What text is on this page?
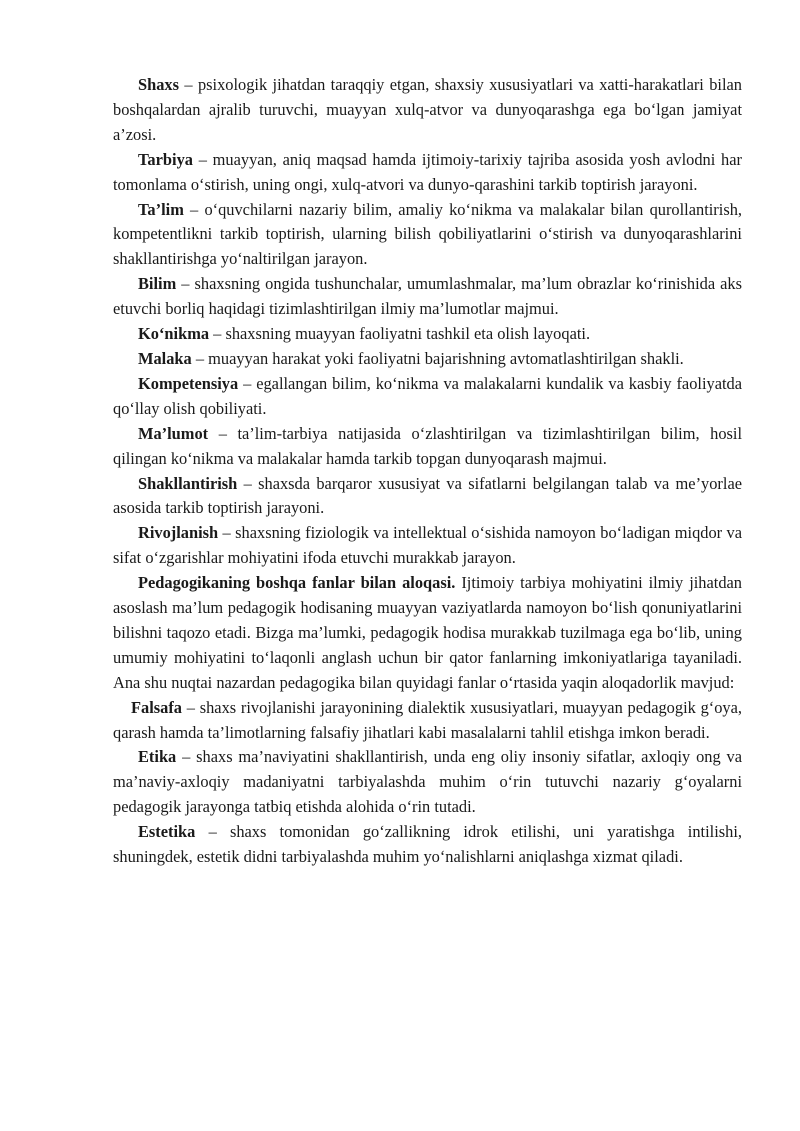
Shaxs – psixologik jihatdan taraqqiy etgan, shaxsiy xususiyatlari va xatti-harakatlari bilan boshqalardan ajralib turuvchi, muayyan xulq-atvor va dunyoqarashga ega bo‘lgan jamiyat a’zosi.

Tarbiya – muayyan, aniq maqsad hamda ijtimoiy-tarixiy tajriba asosida yosh avlodni har tomonlama o‘stirish, uning ongi, xulq-atvori va dunyo-qarashini tarkib toptirish jarayoni.

Ta’lim – o‘quvchilarni nazariy bilim, amaliy ko‘nikma va malakalar bilan qurollantirish, kompetentlikni tarkib toptirish, ularning bilish qobiliyatlarini o‘stirish va dunyoqarashlarini shakllantirishga yo‘naltirilgan jarayon.

Bilim – shaxsning ongida tushunchalar, umumlashmalar, ma’lum obrazlar ko‘rinishida aks etuvchi borliq haqidagi tizimlashtirilgan ilmiy ma’lumotlar majmui.

Ko‘nikma – shaxsning muayyan faoliyatni tashkil eta olish layoqati.

Malaka – muayyan harakat yoki faoliyatni bajarishning avtomatlashtirilgan shakli.

Kompetensiya – egallangan bilim, ko‘nikma va malakalarni kundalik va kasbiy faoliyatda qo‘llay olish qobiliyati.

Ma’lumot – ta’lim-tarbiya natijasida o‘zlashtirilgan va tizimlashtirilgan bilim, hosil qilingan ko‘nikma va malakalar hamda tarkib topgan dunyoqarash majmui.

Shakllantirish – shaxsda barqaror xususiyat va sifatlarni belgilangan talab va me’yorlae asosida tarkib toptirish jarayoni.

Rivojlanish – shaxsning fiziologik va intellektual o‘sishida namoyon bo‘ladigan miqdor va sifat o‘zgarishlar mohiyatini ifoda etuvchi murakkab jarayon.

Pedagogikaning boshqa fanlar bilan aloqasi. Ijtimoiy tarbiya mohiyatini ilmiy jihatdan asoslash ma’lum pedagogik hodisaning muayyan vaziyatlarda namoyon bo‘lish qonuniyatlarini bilishni taqozo etadi. Bizga ma’lumki, pedagogik hodisa murakkab tuzilmaga ega bo‘lib, uning umumiy mohiyatini to‘laqonli anglash uchun bir qator fanlarning imkoniyatlariga tayaniladi. Ana shu nuqtai nazardan pedagogika bilan quyidagi fanlar o‘rtasida yaqin aloqadorlik mavjud:

Falsafa – shaxs rivojlanishi jarayonining dialektik xususiyatlari, muayyan pedagogik g‘oya, qarash hamda ta’limotlarning falsafiy jihatlari kabi masalalarni tahlil etishga imkon beradi.

Etika – shaxs ma’naviyatini shakllantirish, unda eng oliy insoniy sifatlar, axloqiy ong va ma’naviy-axloqiy madaniyatni tarbiyalashda muhim o‘rin tutuvchi nazariy g‘oyalarni pedagogik jarayonga tatbiq etishda alohida o‘rin tutadi.

Estetika – shaxs tomonidan go‘zallikning idrok etilishi, uni yaratishga intilishi, shuningdek, estetik didni tarbiyalashda muhim yo‘nalishlarni aniqlashga xizmat qiladi.
